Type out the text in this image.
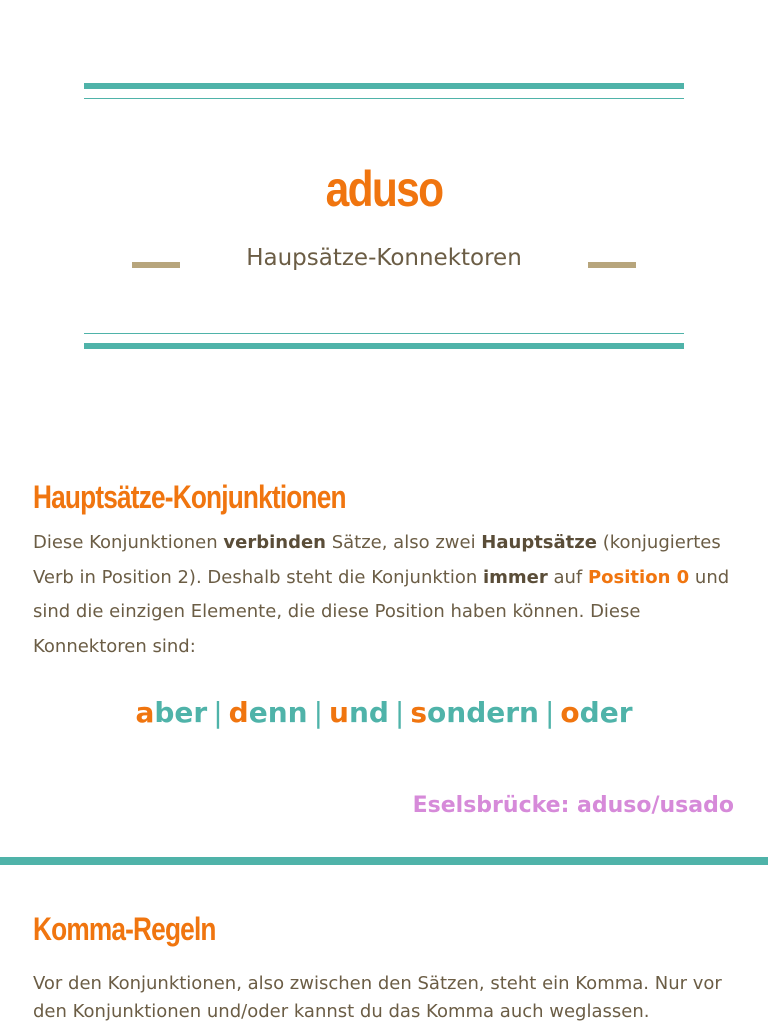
aduso
Haupsätze-Konnektoren
Hauptsätze-Konjunktionen

Diese Konjunktionen verbinden Sätze, also zwei Hauptsätze (konjugiertes Verb in Position 2). Deshalb steht die Konjunktion immer auf Position 0 und sind die einzigen Elemente, die diese Position haben können. Diese Konnektoren sind:

aber | denn | und | sondern | oder
Eselsbrücke: aduso/usado
Komma-Regeln

Vor den Konjunktionen, also zwischen den Sätzen, steht ein Komma. Nur vor den Konjunktionen und/oder kannst du das Komma auch weglassen.
